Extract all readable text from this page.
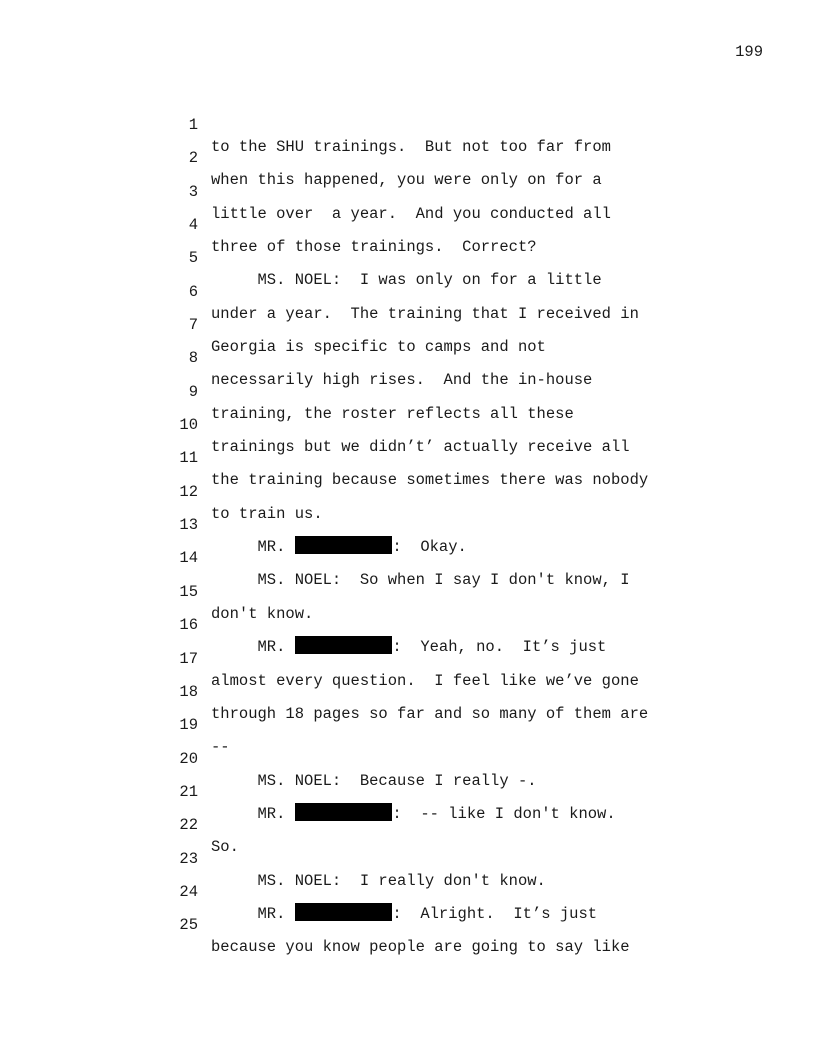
199

1

to the SHU trainings.  But not too far from

2

when this happened, you were only on for a

3

little over  a year.  And you conducted all

4

three of those trainings.  Correct?

5

MS. NOEL:  I was only on for a little

6

under a year.  The training that I received in

7

Georgia is specific to camps and not

8

necessarily high rises.  And the in-house

9

training, the roster reflects all these

10

trainings but we didn’t’ actually receive all

11

the training because sometimes there was nobody

12

to train us.

13

MR.	:  Okay.

14

MS. NOEL:  So when I say I don't know, I

15

don't know.

16

MR.	:  Yeah, no.  It’s just

17

almost every question.  I feel like we’ve gone

18

through 18 pages so far and so many of them are

19

--

20

MS. NOEL:  Because I really -.

21

MR.	:  -- like I don't know.

22

So.

23

MS. NOEL:  I really don't know.

24

MR.	:  Alright.  It’s just

25

because you know people are going to say like
